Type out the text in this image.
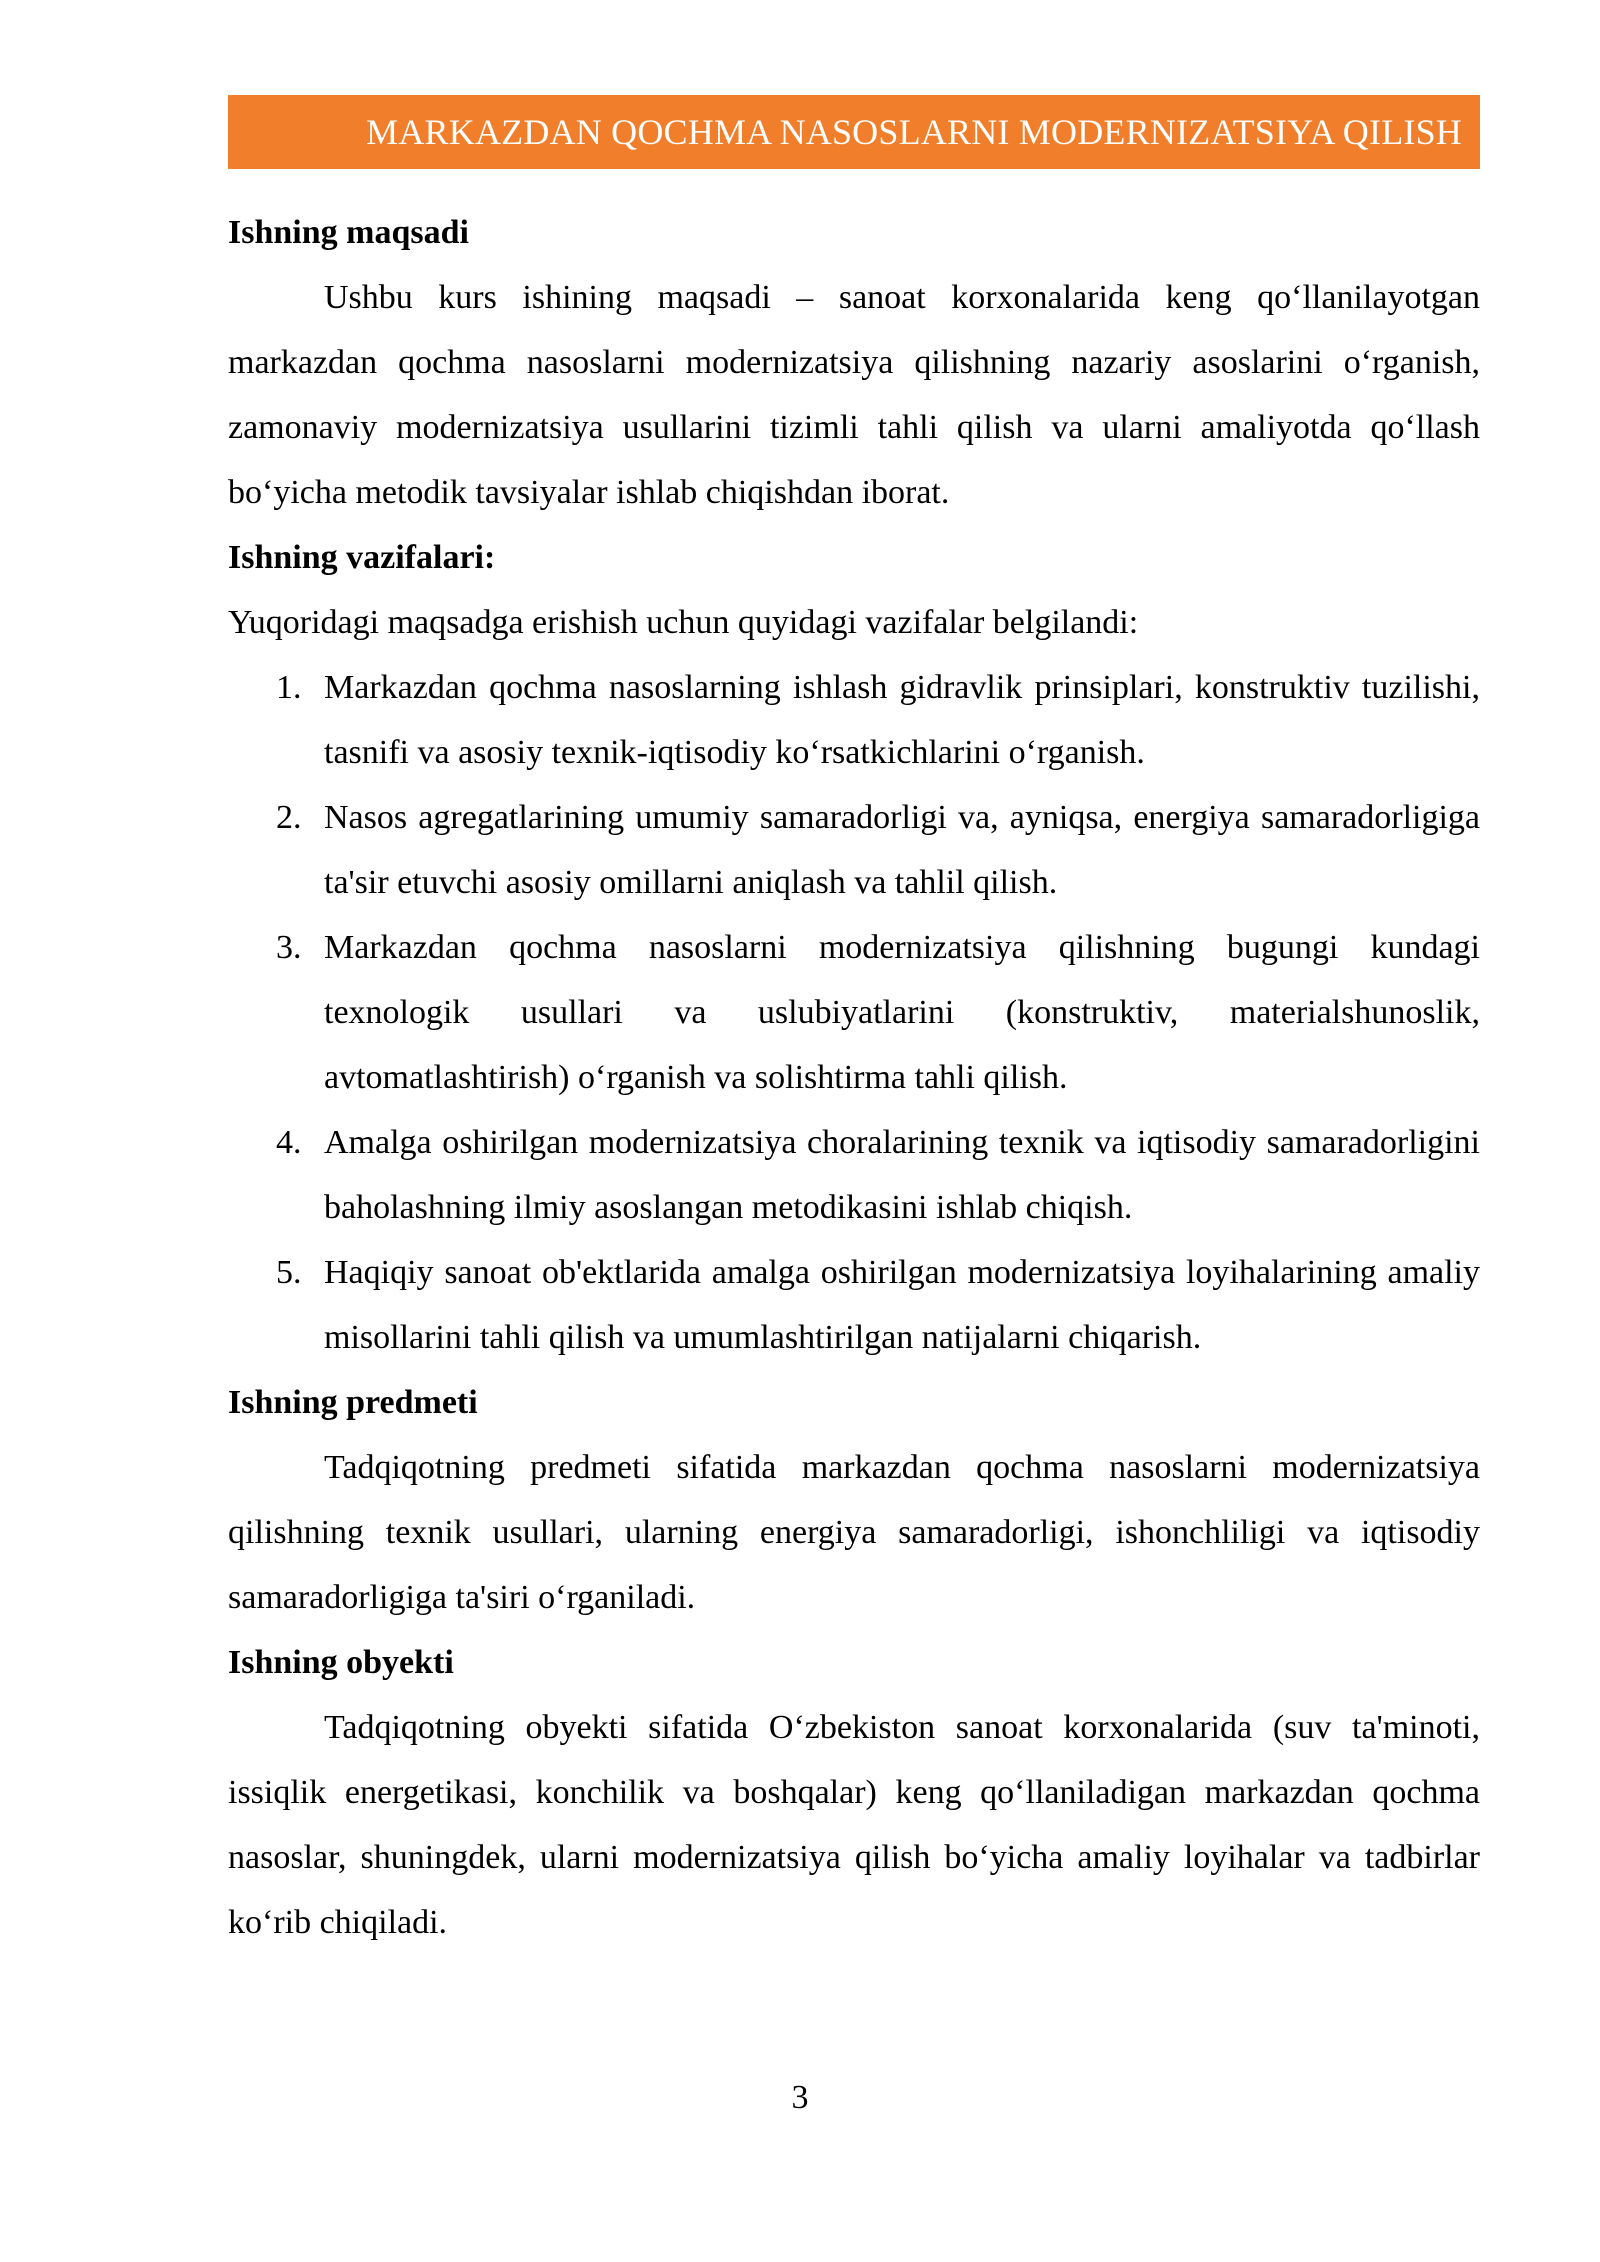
MARKAZDAN QOCHMA NASOSLARNI MODERNIZATSIYA QILISH

Ishning maqsadi

Ushbu kurs ishining maqsadi – sanoat korxonalarida keng qo‘llanilayotgan markazdan qochma nasoslarni modernizatsiya qilishning nazariy asoslarini o‘rganish, zamonaviy modernizatsiya usullarini tizimli tahli qilish va ularni amaliyotda qo‘llash bo‘yicha metodik tavsiyalar ishlab chiqishdan iborat.

Ishning vazifalari:

Yuqoridagi maqsadga erishish uchun quyidagi vazifalar belgilandi:

1. Markazdan qochma nasoslarning ishlash gidravlik prinsiplari, konstruktiv tuzilishi, tasnifi va asosiy texnik-iqtisodiy ko‘rsatkichlarini o‘rganish.
2. Nasos agregatlarining umumiy samaradorligi va, ayniqsa, energiya samaradorligiga ta'sir etuvchi asosiy omillarni aniqlash va tahlil qilish.
3. Markazdan qochma nasoslarni modernizatsiya qilishning bugungi kundagi texnologik usullari va uslubiyatlarini (konstruktiv, materialshunoslik, avtomatlashtirish) o‘rganish va solishtirma tahli qilish.
4. Amalga oshirilgan modernizatsiya choralarining texnik va iqtisodiy samaradorligini baholashning ilmiy asoslangan metodikasini ishlab chiqish.
5. Haqiqiy sanoat ob'ektlarida amalga oshirilgan modernizatsiya loyihalarining amaliy misollarini tahli qilish va umumlashtirilgan natijalarni chiqarish.

Ishning predmeti

Tadqiqotning predmeti sifatida markazdan qochma nasoslarni modernizatsiya qilishning texnik usullari, ularning energiya samaradorligi, ishonchliligi va iqtisodiy samaradorligiga ta'siri o‘rganiladi.

Ishning obyekti

Tadqiqotning obyekti sifatida O‘zbekiston sanoat korxonalarida (suv ta'minoti, issiqlik energetikasi, konchilik va boshqalar) keng qo‘llaniladigan markazdan qochma nasoslar, shuningdek, ularni modernizatsiya qilish bo‘yicha amaliy loyihalar va tadbirlar ko‘rib chiqiladi.

3
